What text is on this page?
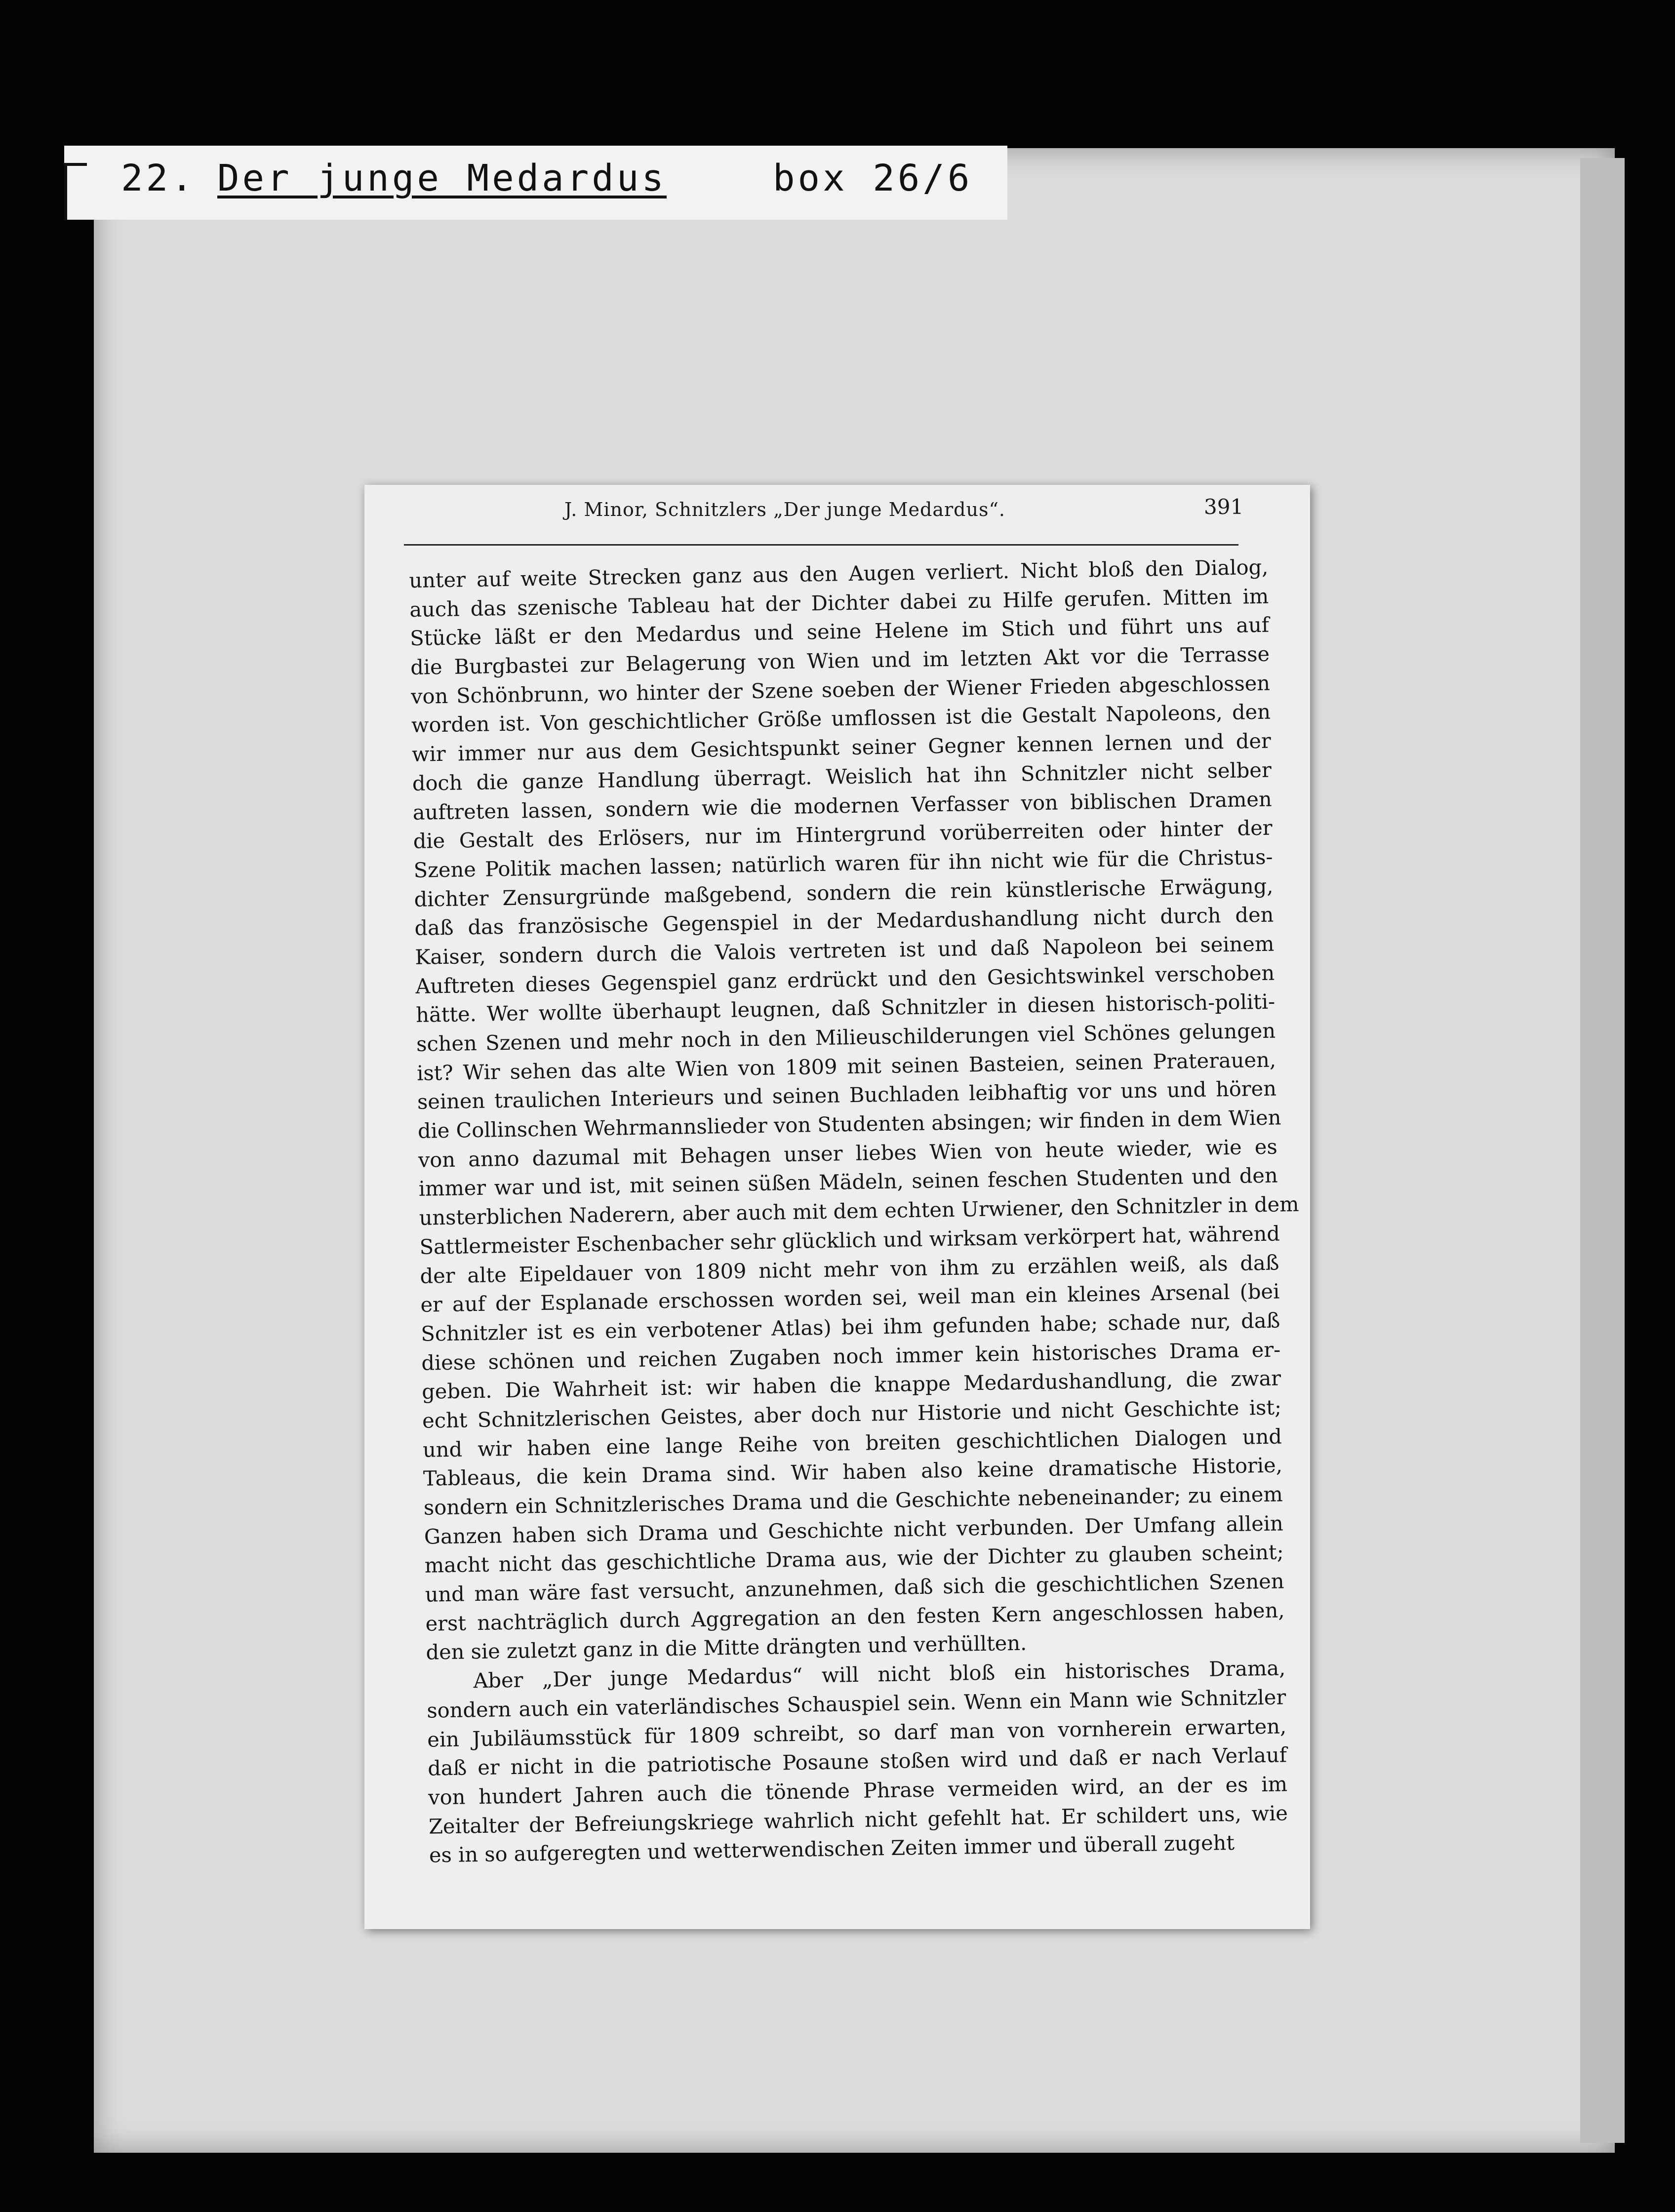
22. Der junge Medardus	box 26/6
J. Minor, Schnitzlers „Der junge Medardus“.	391
unter auf weite Strecken ganz aus den Augen verliert. Nicht bloß den Dialog,
auch das szenische Tableau hat der Dichter dabei zu Hilfe gerufen. Mitten im
Stücke läßt er den Medardus und seine Helene im Stich und führt uns auf
die Burgbastei zur Belagerung von Wien und im letzten Akt vor die Terrasse
von Schönbrunn, wo hinter der Szene soeben der Wiener Frieden abgeschlossen
worden ist. Von geschichtlicher Größe umflossen ist die Gestalt Napoleons, den
wir immer nur aus dem Gesichtspunkt seiner Gegner kennen lernen und der
doch die ganze Handlung überragt. Weislich hat ihn Schnitzler nicht selber
auftreten lassen, sondern wie die modernen Verfasser von biblischen Dramen
die Gestalt des Erlösers, nur im Hintergrund vorüberreiten oder hinter der
Szene Politik machen lassen; natürlich waren für ihn nicht wie für die Christus-
dichter Zensurgründe maßgebend, sondern die rein künstlerische Erwägung,
daß das französische Gegenspiel in der Medardushandlung nicht durch den
Kaiser, sondern durch die Valois vertreten ist und daß Napoleon bei seinem
Auftreten dieses Gegenspiel ganz erdrückt und den Gesichtswinkel verschoben
hätte. Wer wollte überhaupt leugnen, daß Schnitzler in diesen historisch-politi-
schen Szenen und mehr noch in den Milieuschilderungen viel Schönes gelungen
ist? Wir sehen das alte Wien von 1809 mit seinen Basteien, seinen Praterauen,
seinen traulichen Interieurs und seinen Buchladen leibhaftig vor uns und hören
die Collinschen Wehrmannslieder von Studenten absingen; wir finden in dem Wien
von anno dazumal mit Behagen unser liebes Wien von heute wieder, wie es
immer war und ist, mit seinen süßen Mädeln, seinen feschen Studenten und den
unsterblichen Naderern, aber auch mit dem echten Urwiener, den Schnitzler in dem
Sattlermeister Eschenbacher sehr glücklich und wirksam verkörpert hat, während
der alte Eipeldauer von 1809 nicht mehr von ihm zu erzählen weiß, als daß
er auf der Esplanade erschossen worden sei, weil man ein kleines Arsenal (bei
Schnitzler ist es ein verbotener Atlas) bei ihm gefunden habe; schade nur, daß
diese schönen und reichen Zugaben noch immer kein historisches Drama er-
geben. Die Wahrheit ist: wir haben die knappe Medardushandlung, die zwar
echt Schnitzlerischen Geistes, aber doch nur Historie und nicht Geschichte ist;
und wir haben eine lange Reihe von breiten geschichtlichen Dialogen und
Tableaus, die kein Drama sind. Wir haben also keine dramatische Historie,
sondern ein Schnitzlerisches Drama und die Geschichte nebeneinander; zu einem
Ganzen haben sich Drama und Geschichte nicht verbunden. Der Umfang allein
macht nicht das geschichtliche Drama aus, wie der Dichter zu glauben scheint;
und man wäre fast versucht, anzunehmen, daß sich die geschichtlichen Szenen
erst nachträglich durch Aggregation an den festen Kern angeschlossen haben,
den sie zuletzt ganz in die Mitte drängten und verhüllten.
Aber „Der junge Medardus“ will nicht bloß ein historisches Drama,
sondern auch ein vaterländisches Schauspiel sein. Wenn ein Mann wie Schnitzler
ein Jubiläumsstück für 1809 schreibt, so darf man von vornherein erwarten,
daß er nicht in die patriotische Posaune stoßen wird und daß er nach Verlauf
von hundert Jahren auch die tönende Phrase vermeiden wird, an der es im
Zeitalter der Befreiungskriege wahrlich nicht gefehlt hat. Er schildert uns, wie
es in so aufgeregten und wetterwendischen Zeiten immer und überall zugeht
